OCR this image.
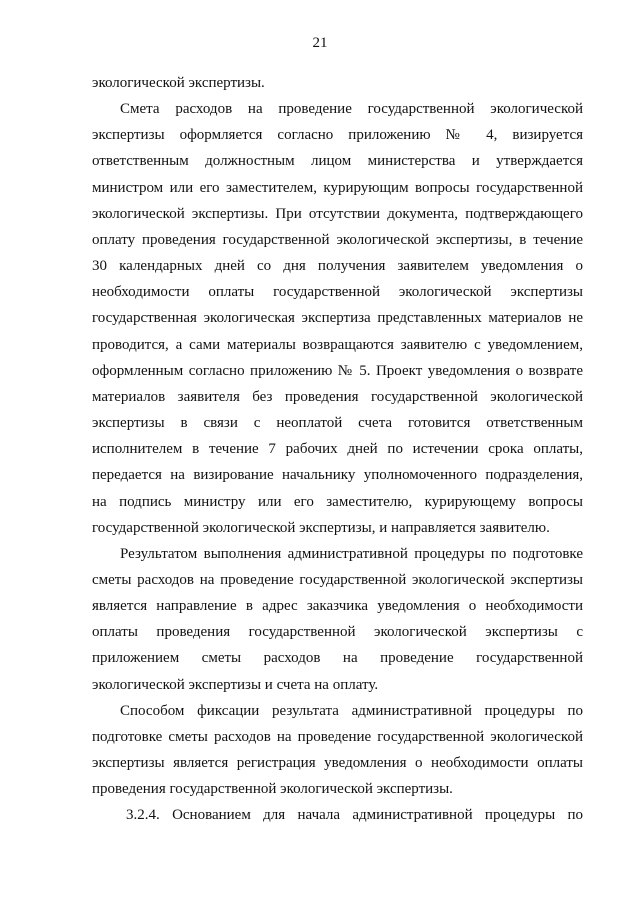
21

экологической экспертизы.

Смета расходов на проведение государственной экологической
экспертизы оформляется согласно приложению № 4, визируется
ответственным должностным лицом министерства и утверждается
министром или его заместителем, курирующим вопросы государственной
экологической экспертизы. При отсутствии документа, подтверждающего
оплату проведения государственной экологической экспертизы, в течение
30 календарных дней со дня получения заявителем уведомления о
необходимости оплаты государственной экологической экспертизы
государственная экологическая экспертиза представленных материалов не
проводится, а сами материалы возвращаются заявителю с уведомлением,
оформленным согласно приложению № 5. Проект уведомления о возврате
материалов заявителя без проведения государственной экологической
экспертизы в связи с неоплатой счета готовится ответственным
исполнителем в течение 7 рабочих дней по истечении срока оплаты,
передается на визирование начальнику уполномоченного подразделения,
на подпись министру или его заместителю, курирующему вопросы
государственной экологической экспертизы, и направляется заявителю.

Результатом выполнения административной процедуры по подготовке
сметы расходов на проведение государственной экологической экспертизы
является направление в адрес заказчика уведомления о необходимости
оплаты проведения государственной экологической экспертизы с
приложением сметы расходов на проведение государственной
экологической экспертизы и счета на оплату.

Способом фиксации результата административной процедуры по
подготовке сметы расходов на проведение государственной экологической
экспертизы является регистрация уведомления о необходимости оплаты
проведения государственной экологической экспертизы.

3.2.4. Основанием для начала административной процедуры по
